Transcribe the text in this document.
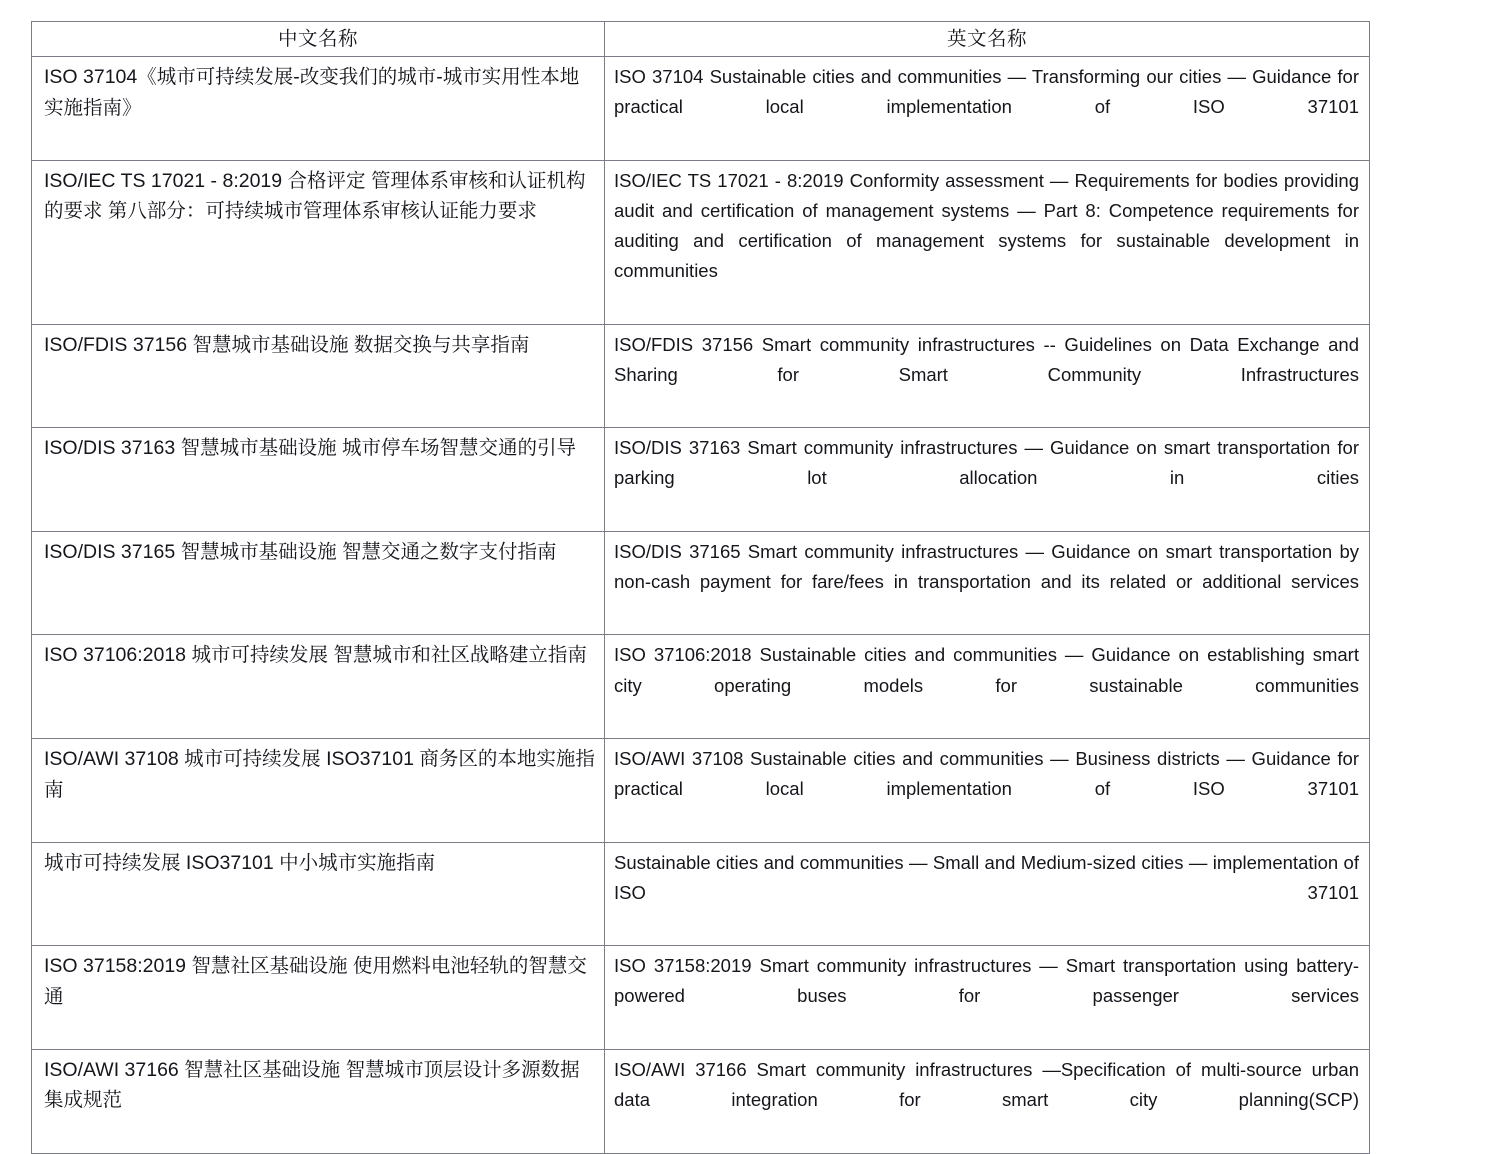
中文名称	英文名称

ISO 37104《城市可持续发展-改变我们的城市-城市实用性本地实施指南》	ISO 37104 Sustainable cities and communities — Transforming our cities — Guidance for practical local implementation of ISO 37101

ISO/IEC TS 17021 - 8:2019 合格评定 管理体系审核和认证机构的要求 第八部分：可持续城市管理体系审核认证能力要求	ISO/IEC TS 17021 - 8:2019 Conformity assessment — Requirements for bodies providing audit and certification of management systems — Part 8: Competence requirements for auditing and certification of management systems for sustainable development in communities

ISO/FDIS 37156 智慧城市基础设施 数据交换与共享指南	ISO/FDIS 37156 Smart community infrastructures -- Guidelines on Data Exchange and Sharing for Smart Community Infrastructures

ISO/DIS 37163 智慧城市基础设施 城市停车场智慧交通的引导	ISO/DIS 37163 Smart community infrastructures — Guidance on smart transportation for parking lot allocation in cities

ISO/DIS 37165 智慧城市基础设施 智慧交通之数字支付指南	ISO/DIS 37165 Smart community infrastructures — Guidance on smart transportation by non-cash payment for fare/fees in transportation and its related or additional services

ISO 37106:2018 城市可持续发展 智慧城市和社区战略建立指南	ISO 37106:2018 Sustainable cities and communities — Guidance on establishing smart city operating models for sustainable communities

ISO/AWI 37108 城市可持续发展 ISO37101 商务区的本地实施指南	ISO/AWI 37108 Sustainable cities and communities — Business districts — Guidance for practical local implementation of ISO 37101

城市可持续发展 ISO37101 中小城市实施指南	Sustainable cities and communities — Small and Medium-sized cities — implementation of ISO 37101

ISO 37158:2019 智慧社区基础设施 使用燃料电池轻轨的智慧交通	ISO 37158:2019 Smart community infrastructures — Smart transportation using battery-powered buses for passenger services

ISO/AWI 37166 智慧社区基础设施 智慧城市顶层设计多源数据集成规范	ISO/AWI 37166 Smart community infrastructures —Specification of multi-source urban data integration for smart city planning(SCP)
